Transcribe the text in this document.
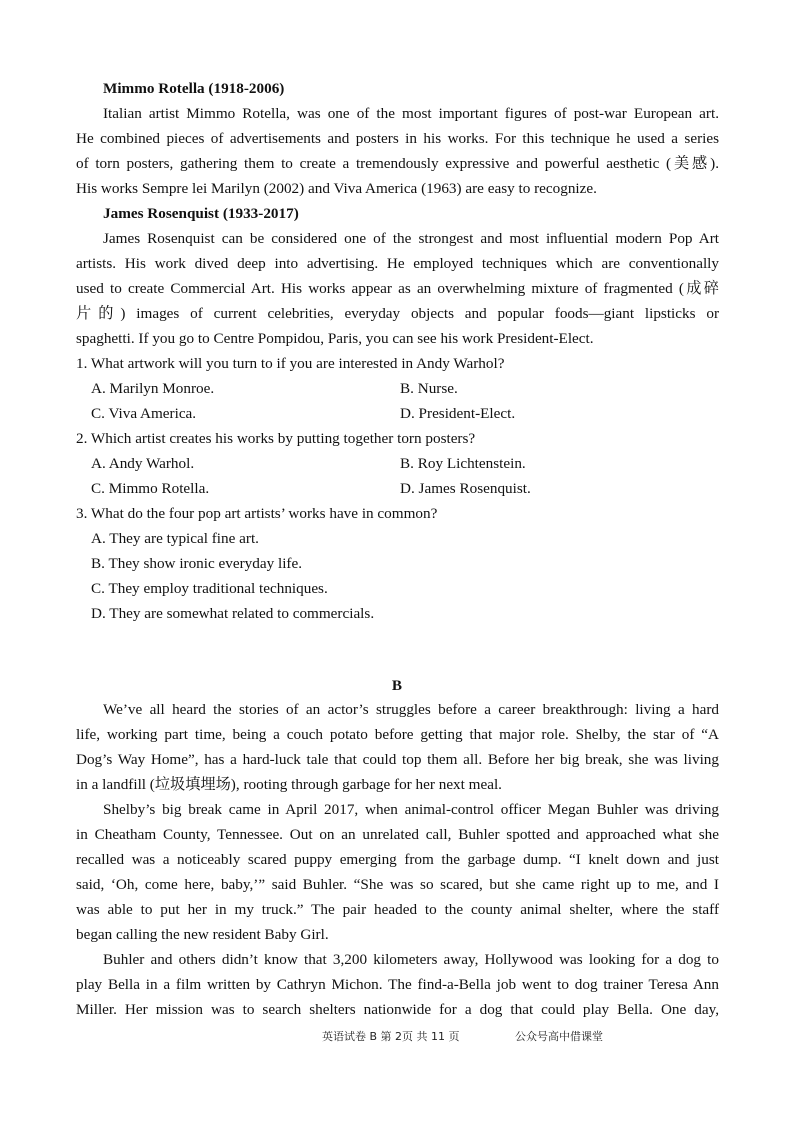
Mimmo Rotella (1918-2006)
Italian artist Mimmo Rotella, was one of the most important figures of post-war European art.
He combined pieces of advertisements and posters in his works. For this technique he used a series
of torn posters, gathering them to create a tremendously expressive and powerful aesthetic (美感).
His works Sempre lei Marilyn (2002) and Viva America (1963) are easy to recognize.
James Rosenquist (1933-2017)
James Rosenquist can be considered one of the strongest and most influential modern Pop Art
artists. His work dived deep into advertising. He employed techniques which are conventionally
used to create Commercial Art. His works appear as an overwhelming mixture of fragmented (成碎
片的) images of current celebrities, everyday objects and popular foods—giant lipsticks or
spaghetti. If you go to Centre Pompidou, Paris, you can see his work President-Elect.
1. What artwork will you turn to if you are interested in Andy Warhol?
A. Marilyn Monroe.	B. Nurse.
C. Viva America.	D. President-Elect.
2. Which artist creates his works by putting together torn posters?
A. Andy Warhol.	B. Roy Lichtenstein.
C. Mimmo Rotella.	D. James Rosenquist.
3. What do the four pop art artists’ works have in common?
A. They are typical fine art.
B. They show ironic everyday life.
C. They employ traditional techniques.
D. They are somewhat related to commercials.
B
We’ve all heard the stories of an actor’s struggles before a career breakthrough: living a hard
life, working part time, being a couch potato before getting that major role. Shelby, the star of “A
Dog’s Way Home”, has a hard-luck tale that could top them all. Before her big break, she was living
in a landfill (垃圾填埋场), rooting through garbage for her next meal.
Shelby’s big break came in April 2017, when animal-control officer Megan Buhler was driving
in Cheatham County, Tennessee. Out on an unrelated call, Buhler spotted and approached what she
recalled was a noticeably scared puppy emerging from the garbage dump. “I knelt down and just
said, ‘Oh, come here, baby,’” said Buhler. “She was so scared, but she came right up to me, and I
was able to put her in my truck.” The pair headed to the county animal shelter, where the staff
began calling the new resident Baby Girl.
Buhler and others didn’t know that 3,200 kilometers away, Hollywood was looking for a dog to
play Bella in a film written by Cathryn Michon. The find-a-Bella job went to dog trainer Teresa Ann
Miller. Her mission was to search shelters nationwide for a dog that could play Bella. One day,
英语试卷 B 第 2页 共 11 页	公众号高中借课堂
